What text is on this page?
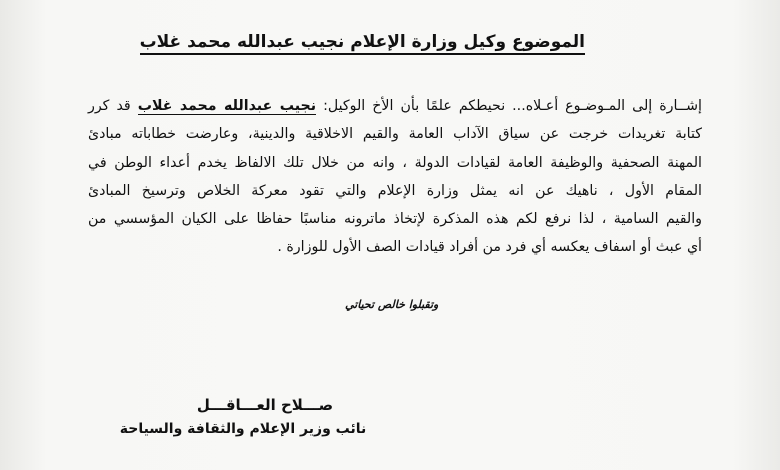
الموضوع وكيل وزارة الإعلام نجيب عبدالله محمد غلاب
إشــارة إلى المـوضـوع أعـلاه... نحيطكم علمًا بأن الأخ الوكيل: نجيب عبدالله محمد غلاب قد كرر
كتابة تغريدات خرجت عن سياق الآداب العامة والقيم الاخلاقية والدينية، وعارضت خطاباته مبادئ
المهنة الصحفية والوظيفة العامة لقيادات الدولة ، وانه من خلال تلك الالفاظ يخدم أعداء الوطن في
المقام الأول ، ناهيك عن انه يمثل وزارة الإعلام والتي تقود معركة الخلاص وترسيخ المبادئ
والقيم السامية ، لذا نرفع لكم هذه المذكرة لإتخاذ ماترونه مناسبًا حفاظا على الكيان المؤسسي من
أي عبث أو اسفاف يعكسه أي فرد من أفراد قيادات الصف الأول للوزارة .
وتقبلوا خالص تحياتي
صـــلاح العـــاقـــل
نائب وزير الإعلام والثقافة والسياحة
